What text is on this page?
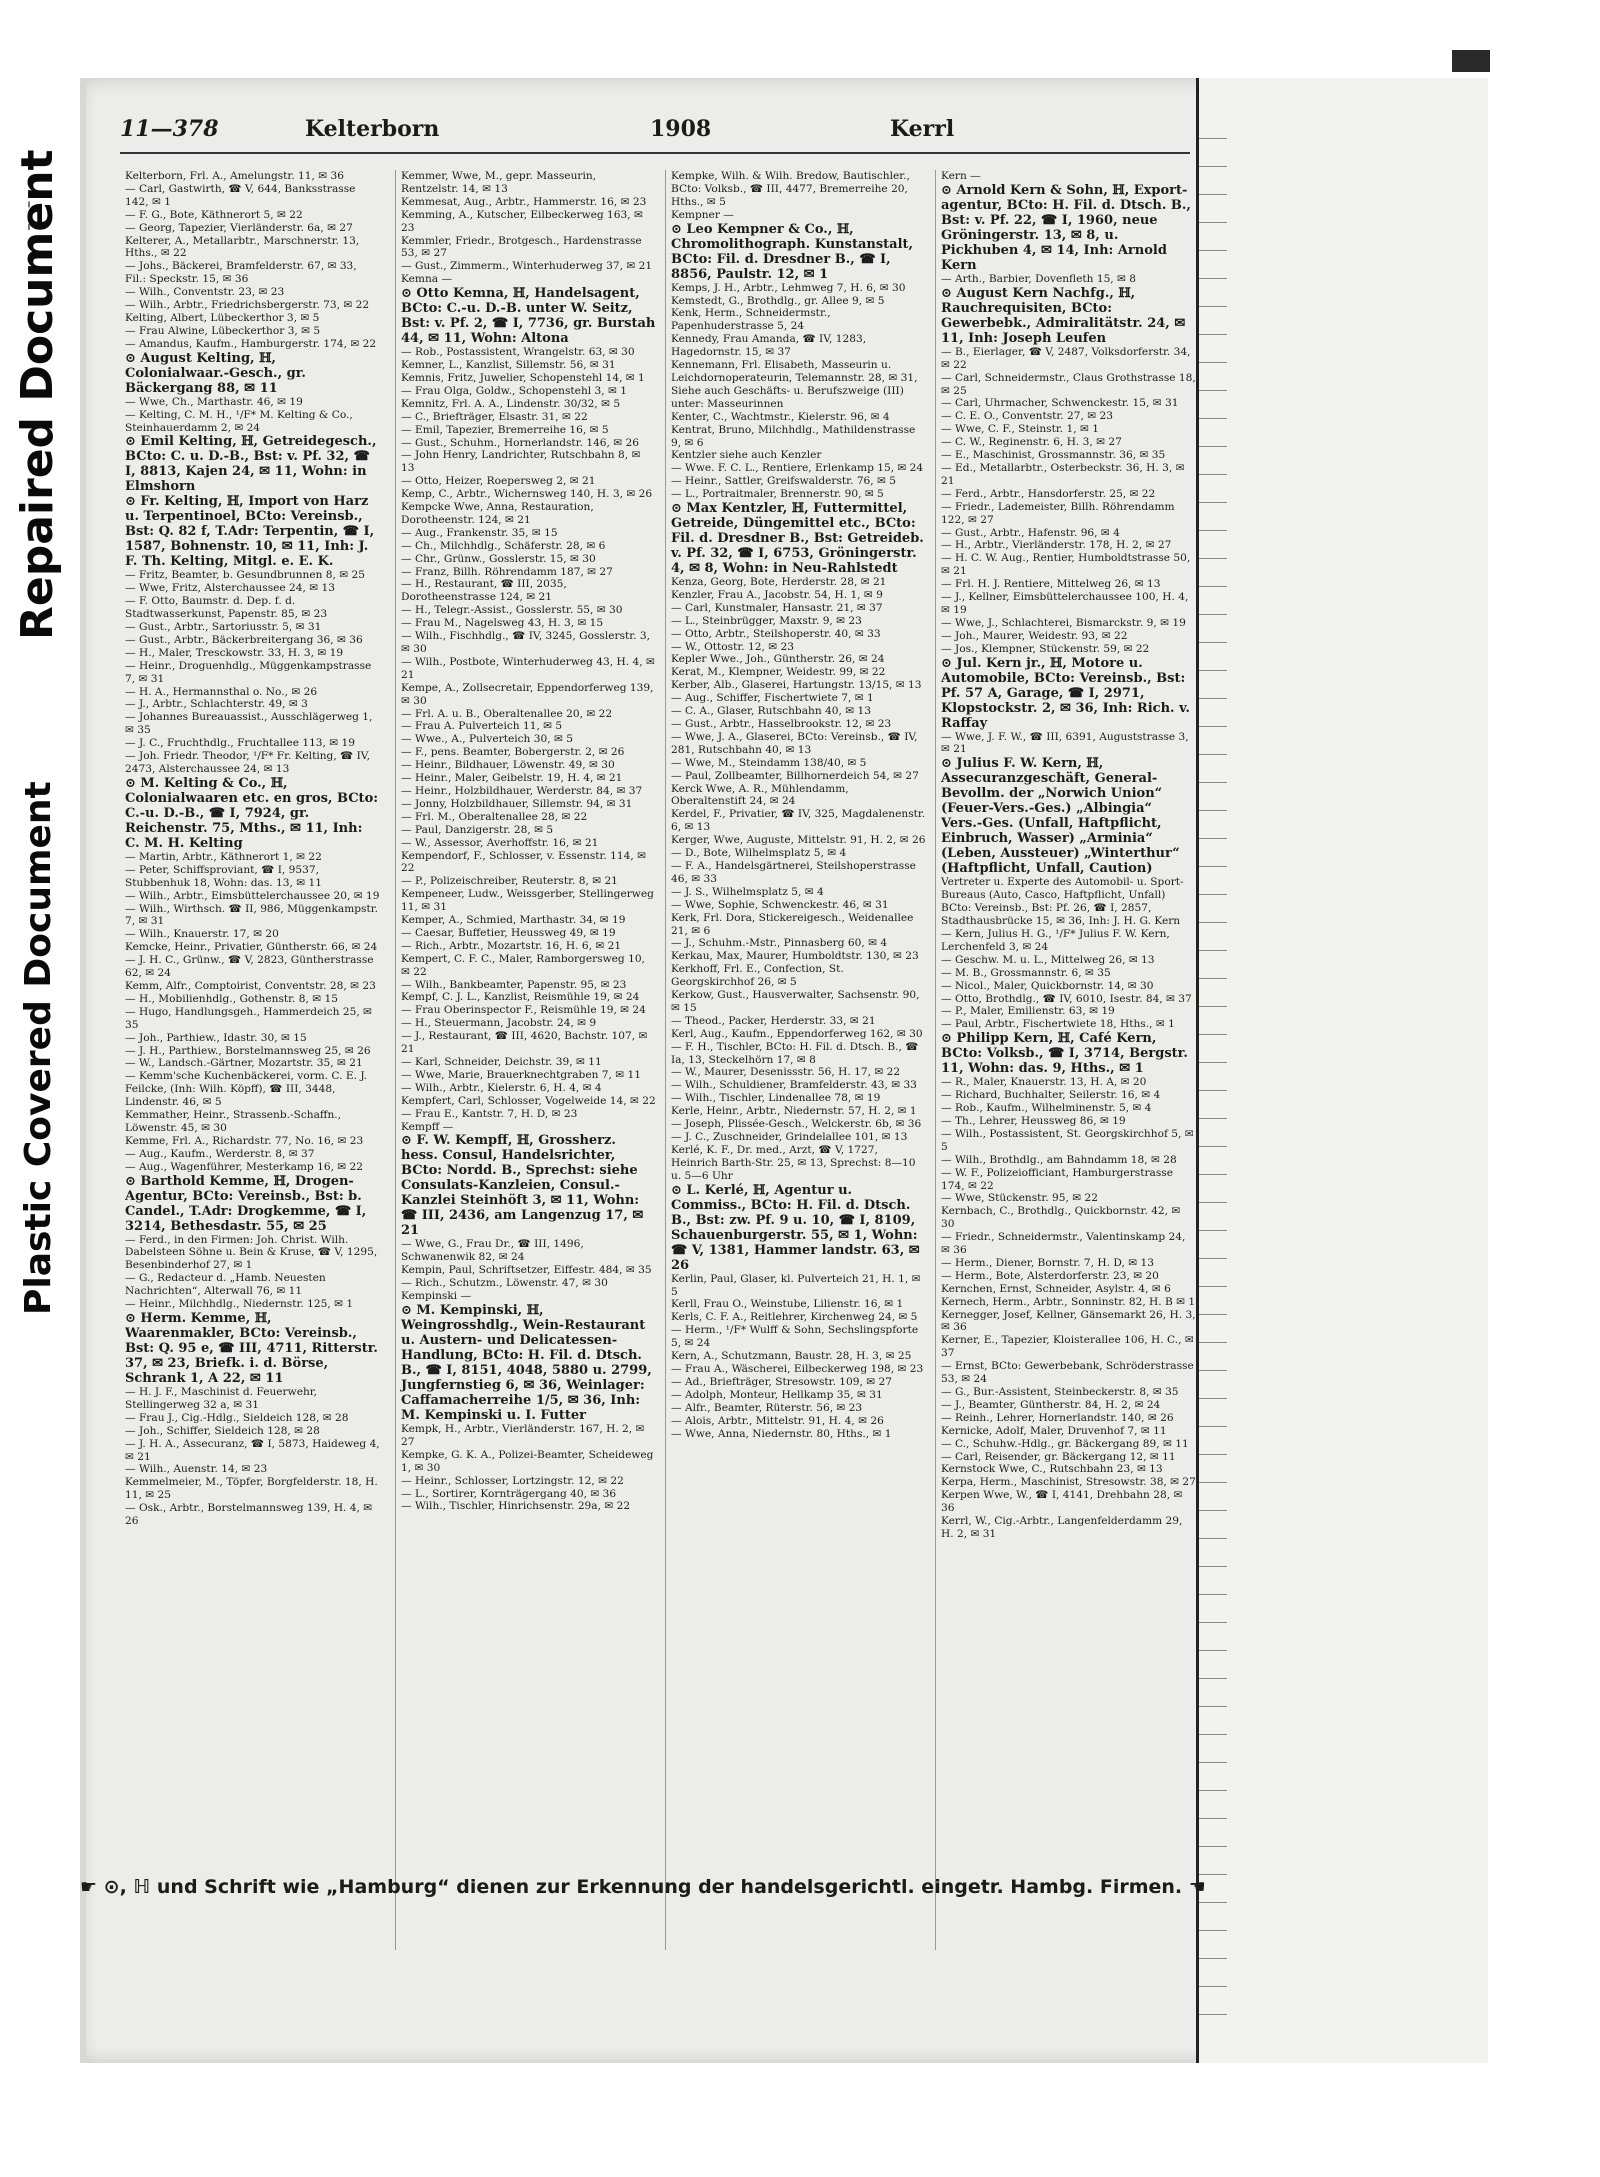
Repaired Document
Plastic Covered Document
11—378	Kelterborn	1908	Kerrl

Kelterborn, Frl. A., Amelungstr. 11, ✉ 36

— Carl, Gastwirth, ☎ V, 644, Banksstrasse 142, ✉ 1

— F. G., Bote, Käthnerort 5, ✉ 22

— Georg, Tapezier, Vierländerstr. 6a, ✉ 27

Kelterer, A., Metallarbtr., Marschnerstr. 13, Hths., ✉ 22

— Johs., Bäckerei, Bramfelderstr. 67, ✉ 33, Fil.: Speckstr. 15, ✉ 36

— Wilh., Conventstr. 23, ✉ 23

— Wilh., Arbtr., Friedrichsbergerstr. 73, ✉ 22

Kelting, Albert, Lübeckerthor 3, ✉ 5

— Frau Alwine, Lübeckerthor 3, ✉ 5

— Amandus, Kaufm., Hamburgerstr. 174, ✉ 22

⊙ August Kelting, ℍ, Colonialwaar.-Gesch., gr. Bäckergang 88, ✉ 11

— Wwe, Ch., Marthastr. 46, ✉ 19

— Kelting, C. M. H., ¹/F* M. Kelting & Co., Steinhauerdamm 2, ✉ 24

⊙ Emil Kelting, ℍ, Getreidegesch., BCto: C. u. D.-B., Bst: v. Pf. 32, ☎ I, 8813, Kajen 24, ✉ 11, Wohn: in Elmshorn

⊙ Fr. Kelting, ℍ, Import von Harz u. Terpentinoel, BCto: Vereinsb., Bst: Q. 82 f, T.Adr: Terpentin, ☎ I, 1587, Bohnenstr. 10, ✉ 11, Inh: J. F. Th. Kelting, Mitgl. e. E. K.

— Fritz, Beamter, b. Gesundbrunnen 8, ✉ 25

— Wwe, Fritz, Alsterchaussee 24, ✉ 13

— F. Otto, Baumstr. d. Dep. f. d. Stadtwasserkunst, Papenstr. 85, ✉ 23

— Gust., Arbtr., Sartoriusstr. 5, ✉ 31

— Gust., Arbtr., Bäckerbreitergang 36, ✉ 36

— H., Maler, Tresckowstr. 33, H. 3, ✉ 19

— Heinr., Droguenhdlg., Müggenkampstrasse 7, ✉ 31

— H. A., Hermannsthal o. No., ✉ 26

— J., Arbtr., Schlachterstr. 49, ✉ 3

— Johannes Bureauassist., Ausschlägerweg 1, ✉ 35

— J. C., Fruchthdlg., Fruchtallee 113, ✉ 19

— Joh. Friedr. Theodor, ¹/F* Fr. Kelting, ☎ IV, 2473, Alsterchaussee 24, ✉ 13

⊙ M. Kelting & Co., ℍ, Colonialwaaren etc. en gros, BCto: C.-u. D.-B., ☎ I, 7924, gr. Reichenstr. 75, Mths., ✉ 11, Inh: C. M. H. Kelting

— Martin, Arbtr., Käthnerort 1, ✉ 22

— Peter, Schiffsproviant, ☎ I, 9537, Stubbenhuk 18, Wohn: das. 13, ✉ 11

— Wilh., Arbtr., Eimsbüttelerchaussee 20, ✉ 19

— Wilh., Wirthsch. ☎ II, 986, Müggenkampstr. 7, ✉ 31

— Wilh., Knauerstr. 17, ✉ 20

Kemcke, Heinr., Privatier, Güntherstr. 66, ✉ 24

— J. H. C., Grünw., ☎ V, 2823, Güntherstrasse 62, ✉ 24

Kemm, Alfr., Comptoirist, Conventstr. 28, ✉ 23

— H., Mobilienhdlg., Gothenstr. 8, ✉ 15

— Hugo, Handlungsgeh., Hammerdeich 25, ✉ 35

— Joh., Parthiew., Idastr. 30, ✉ 15

— J. H., Parthiew., Borstelmannsweg 25, ✉ 26

— W., Landsch.-Gärtner, Mozartstr. 35, ✉ 21

— Kemm'sche Kuchenbäckerei, vorm. C. E. J. Feilcke, (Inh: Wilh. Köpff), ☎ III, 3448, Lindenstr. 46, ✉ 5

Kemmather, Heinr., Strassenb.-Schaffn., Löwenstr. 45, ✉ 30

Kemme, Frl. A., Richardstr. 77, No. 16, ✉ 23

— Aug., Kaufm., Werderstr. 8, ✉ 37

— Aug., Wagenführer, Mesterkamp 16, ✉ 22

⊙ Barthold Kemme, ℍ, Drogen-Agentur, BCto: Vereinsb., Bst: b. Candel., T.Adr: Drogkemme, ☎ I, 3214, Bethesdastr. 55, ✉ 25

— Ferd., in den Firmen: Joh. Christ. Wilh. Dabelsteen Söhne u. Bein & Kruse, ☎ V, 1295, Besenbinderhof 27, ✉ 1

— G., Redacteur d. „Hamb. Neuesten Nachrichten“, Alterwall 76, ✉ 11

— Heinr., Milchhdlg., Niedernstr. 125, ✉ 1

⊙ Herm. Kemme, ℍ, Waarenmakler, BCto: Vereinsb., Bst: Q. 95 e, ☎ III, 4711, Ritterstr. 37, ✉ 23, Briefk. i. d. Börse, Schrank 1, A 22, ✉ 11

— H. J. F., Maschinist d. Feuerwehr, Stellingerweg 32 a, ✉ 31

— Frau J., Cig.-Hdlg., Sieldeich 128, ✉ 28

— Joh., Schiffer, Sieldeich 128, ✉ 28

— J. H. A., Assecuranz, ☎ I, 5873, Haideweg 4, ✉ 21

— Wilh., Auenstr. 14, ✉ 23

Kemmelmeier, M., Töpfer, Borgfelderstr. 18, H. 11, ✉ 25

— Osk., Arbtr., Borstelmannsweg 139, H. 4, ✉ 26

Kemmer, Wwe, M., gepr. Masseurin, Rentzelstr. 14, ✉ 13

Kemmesat, Aug., Arbtr., Hammerstr. 16, ✉ 23

Kemming, A., Kutscher, Eilbeckerweg 163, ✉ 23

Kemmler, Friedr., Brotgesch., Hardenstrasse 53, ✉ 27

— Gust., Zimmerm., Winterhuderweg 37, ✉ 21

Kemna —

⊙ Otto Kemna, ℍ, Handelsagent, BCto: C.-u. D.-B. unter W. Seitz, Bst: v. Pf. 2, ☎ I, 7736, gr. Burstah 44, ✉ 11, Wohn: Altona

— Rob., Postassistent, Wrangelstr. 63, ✉ 30

Kemner, L., Kanzlist, Sillemstr. 56, ✉ 31

Kemnis, Fritz, Juwelier, Schopenstehl 14, ✉ 1

— Frau Olga, Goldw., Schopenstehl 3, ✉ 1

Kemnitz, Frl. A. A., Lindenstr. 30/32, ✉ 5

— C., Briefträger, Elsastr. 31, ✉ 22

— Emil, Tapezier, Bremerreihe 16, ✉ 5

— Gust., Schuhm., Hornerlandstr. 146, ✉ 26

— John Henry, Landrichter, Rutschbahn 8, ✉ 13

— Otto, Heizer, Roepersweg 2, ✉ 21

Kemp, C., Arbtr., Wichernsweg 140, H. 3, ✉ 26

Kempcke Wwe, Anna, Restauration, Dorotheenstr. 124, ✉ 21

— Aug., Frankenstr. 35, ✉ 15

— Ch., Milchhdlg., Schäferstr. 28, ✉ 6

— Chr., Grünw., Gosslerstr. 15, ✉ 30

— Franz, Billh. Röhrendamm 187, ✉ 27

— H., Restaurant, ☎ III, 2035, Dorotheenstrasse 124, ✉ 21

— H., Telegr.-Assist., Gosslerstr. 55, ✉ 30

— Frau M., Nagelsweg 43, H. 3, ✉ 15

— Wilh., Fischhdlg., ☎ IV, 3245, Gosslerstr. 3, ✉ 30

— Wilh., Postbote, Winterhuderweg 43, H. 4, ✉ 21

Kempe, A., Zollsecretair, Eppendorferweg 139, ✉ 30

— Frl. A. u. B., Oberaltenallee 20, ✉ 22

— Frau A. Pulverteich 11, ✉ 5

— Wwe., A., Pulverteich 30, ✉ 5

— F., pens. Beamter, Bobergerstr. 2, ✉ 26

— Heinr., Bildhauer, Löwenstr. 49, ✉ 30

— Heinr., Maler, Geibelstr. 19, H. 4, ✉ 21

— Heinr., Holzbildhauer, Werderstr. 84, ✉ 37

— Jonny, Holzbildhauer, Sillemstr. 94, ✉ 31

— Frl. M., Oberaltenallee 28, ✉ 22

— Paul, Danzigerstr. 28, ✉ 5

— W., Assessor, Averhoffstr. 16, ✉ 21

Kempendorf, F., Schlosser, v. Essenstr. 114, ✉ 22

— P., Polizeischreiber, Reuterstr. 8, ✉ 21

Kempeneer, Ludw., Weissgerber, Stellingerweg 11, ✉ 31

Kemper, A., Schmied, Marthastr. 34, ✉ 19

— Caesar, Buffetier, Heussweg 49, ✉ 19

— Rich., Arbtr., Mozartstr. 16, H. 6, ✉ 21

Kempert, C. F. C., Maler, Ramborgersweg 10, ✉ 22

— Wilh., Bankbeamter, Papenstr. 95, ✉ 23

Kempf, C. J. L., Kanzlist, Reismühle 19, ✉ 24

— Frau Oberinspector F., Reismühle 19, ✉ 24

— H., Steuermann, Jacobstr. 24, ✉ 9

— J., Restaurant, ☎ III, 4620, Bachstr. 107, ✉ 21

— Karl, Schneider, Deichstr. 39, ✉ 11

— Wwe, Marie, Brauerknechtgraben 7, ✉ 11

— Wilh., Arbtr., Kielerstr. 6, H. 4, ✉ 4

Kempfert, Carl, Schlosser, Vogelweide 14, ✉ 22

— Frau E., Kantstr. 7, H. D, ✉ 23

Kempff —

⊙ F. W. Kempff, ℍ, Grossherz. hess. Consul, Handelsrichter, BCto: Nordd. B., Sprechst: siehe Consulats-Kanzleien, Consul.-Kanzlei Steinhöft 3, ✉ 11, Wohn: ☎ III, 2436, am Langenzug 17, ✉ 21

— Wwe, G., Frau Dr., ☎ III, 1496, Schwanenwik 82, ✉ 24

Kempin, Paul, Schriftsetzer, Eiffestr. 484, ✉ 35

— Rich., Schutzm., Löwenstr. 47, ✉ 30

Kempinski —

⊙ M. Kempinski, ℍ, Weingrosshdlg., Wein-Restaurant u. Austern- und Delicatessen-Handlung, BCto: H. Fil. d. Dtsch. B., ☎ I, 8151, 4048, 5880 u. 2799, Jungfernstieg 6, ✉ 36, Weinlager: Caffamacherreihe 1/5, ✉ 36, Inh: M. Kempinski u. I. Futter

Kempk, H., Arbtr., Vierländerstr. 167, H. 2, ✉ 27

Kempke, G. K. A., Polizei-Beamter, Scheideweg 1, ✉ 30

— Heinr., Schlosser, Lortzingstr. 12, ✉ 22

— L., Sortirer, Kornträgergang 40, ✉ 36

— Wilh., Tischler, Hinrichsenstr. 29a, ✉ 22

Kempke, Wilh. & Wilh. Bredow, Bautischler., BCto: Volksb., ☎ III, 4477, Bremerreihe 20, Hths., ✉ 5

Kempner —

⊙ Leo Kempner & Co., ℍ, Chromolithograph. Kunstanstalt, BCto: Fil. d. Dresdner B., ☎ I, 8856, Paulstr. 12, ✉ 1

Kemps, J. H., Arbtr., Lehmweg 7, H. 6, ✉ 30

Kemstedt, G., Brothdlg., gr. Allee 9, ✉ 5

Kenk, Herm., Schneidermstr., Papenhuderstrasse 5, 24

Kennedy, Frau Amanda, ☎ IV, 1283, Hagedornstr. 15, ✉ 37

Kennemann, Frl. Elisabeth, Masseurin u. Leichdornoperateurin, Telemannstr. 28, ✉ 31, Siehe auch Geschäfts- u. Berufszweige (III) unter: Masseurinnen

Kenter, C., Wachtmstr., Kielerstr. 96, ✉ 4

Kentrat, Bruno, Milchhdlg., Mathildenstrasse 9, ✉ 6

Kentzler siehe auch Kenzler

— Wwe. F. C. L., Rentiere, Erlenkamp 15, ✉ 24

— Heinr., Sattler, Greifswalderstr. 76, ✉ 5

— L., Portraitmaler, Brennerstr. 90, ✉ 5

⊙ Max Kentzler, ℍ, Futtermittel, Getreide, Düngemittel etc., BCto: Fil. d. Dresdner B., Bst: Getreideb. v. Pf. 32, ☎ I, 6753, Gröningerstr. 4, ✉ 8, Wohn: in Neu-Rahlstedt

Kenza, Georg, Bote, Herderstr. 28, ✉ 21

Kenzler, Frau A., Jacobstr. 54, H. 1, ✉ 9

— Carl, Kunstmaler, Hansastr. 21, ✉ 37

— L., Steinbrügger, Maxstr. 9, ✉ 23

— Otto, Arbtr., Steilshoperstr. 40, ✉ 33

— W., Ottostr. 12, ✉ 23

Kepler Wwe., Joh., Güntherstr. 26, ✉ 24

Kerat, M., Klempner, Weidestr. 99, ✉ 22

Kerber, Alb., Glaserei, Hartungstr. 13/15, ✉ 13

— Aug., Schiffer, Fischertwiete 7, ✉ 1

— C. A., Glaser, Rutschbahn 40, ✉ 13

— Gust., Arbtr., Hasselbrookstr. 12, ✉ 23

— Wwe, J. A., Glaserei, BCto: Vereinsb., ☎ IV, 281, Rutschbahn 40, ✉ 13

— Wwe, M., Steindamm 138/40, ✉ 5

— Paul, Zollbeamter, Billhornerdeich 54, ✉ 27

Kerck Wwe, A. R., Mühlendamm, Oberaltenstift 24, ✉ 24

Kerdel, F., Privatier, ☎ IV, 325, Magdalenenstr. 6, ✉ 13

Kerger, Wwe, Auguste, Mittelstr. 91, H. 2, ✉ 26

— D., Bote, Wilhelmsplatz 5, ✉ 4

— F. A., Handelsgärtnerei, Steilshoperstrasse 46, ✉ 33

— J. S., Wilhelmsplatz 5, ✉ 4

— Wwe, Sophie, Schwenckestr. 46, ✉ 31

Kerk, Frl. Dora, Stickereigesch., Weidenallee 21, ✉ 6

— J., Schuhm.-Mstr., Pinnasberg 60, ✉ 4

Kerkau, Max, Maurer, Humboldtstr. 130, ✉ 23

Kerkhoff, Frl. E., Confection, St. Georgskirchhof 26, ✉ 5

Kerkow, Gust., Hausverwalter, Sachsenstr. 90, ✉ 15

— Theod., Packer, Herderstr. 33, ✉ 21

Kerl, Aug., Kaufm., Eppendorferweg 162, ✉ 30

— F. H., Tischler, BCto: H. Fil. d. Dtsch. B., ☎ Ia, 13, Steckelhörn 17, ✉ 8

— W., Maurer, Desenissstr. 56, H. 17, ✉ 22

— Wilh., Schuldiener, Bramfelderstr. 43, ✉ 33

— Wilh., Tischler, Lindenallee 78, ✉ 19

Kerle, Heinr., Arbtr., Niedernstr. 57, H. 2, ✉ 1

— Joseph, Plissée-Gesch., Welckerstr. 6b, ✉ 36

— J. C., Zuschneider, Grindelallee 101, ✉ 13

Kerlé, K. F., Dr. med., Arzt, ☎ V, 1727, Heinrich Barth-Str. 25, ✉ 13, Sprechst: 8—10 u. 5—6 Uhr

⊙ L. Kerlé, ℍ, Agentur u. Commiss., BCto: H. Fil. d. Dtsch. B., Bst: zw. Pf. 9 u. 10, ☎ I, 8109, Schauenburgerstr. 55, ✉ 1, Wohn: ☎ V, 1381, Hammer landstr. 63, ✉ 26

Kerlin, Paul, Glaser, kl. Pulverteich 21, H. 1, ✉ 5

Kerll, Frau O., Weinstube, Lilienstr. 16, ✉ 1

Kerls, C. F. A., Reitlehrer, Kirchenweg 24, ✉ 5

— Herm., ¹/F* Wulff & Sohn, Sechslingspforte 5, ✉ 24

Kern, A., Schutzmann, Baustr. 28, H. 3, ✉ 25

— Frau A., Wäscherei, Eilbeckerweg 198, ✉ 23

— Ad., Briefträger, Stresowstr. 109, ✉ 27

— Adolph, Monteur, Hellkamp 35, ✉ 31

— Alfr., Beamter, Rüterstr. 56, ✉ 23

— Alois, Arbtr., Mittelstr. 91, H. 4, ✉ 26

— Wwe, Anna, Niedernstr. 80, Hths., ✉ 1

Kern —

⊙ Arnold Kern & Sohn, ℍ, Export-agentur, BCto: H. Fil. d. Dtsch. B., Bst: v. Pf. 22, ☎ I, 1960, neue Gröningerstr. 13, ✉ 8, u. Pickhuben 4, ✉ 14, Inh: Arnold Kern

— Arth., Barbier, Dovenfleth 15, ✉ 8

⊙ August Kern Nachfg., ℍ, Rauchrequisiten, BCto: Gewerbebk., Admiralitätstr. 24, ✉ 11, Inh: Joseph Leufen

— B., Eierlager, ☎ V, 2487, Volksdorferstr. 34, ✉ 22

— Carl, Schneidermstr., Claus Grothstrasse 18, ✉ 25

— Carl, Uhrmacher, Schwenckestr. 15, ✉ 31

— C. E. O., Conventstr. 27, ✉ 23

— Wwe, C. F., Steinstr. 1, ✉ 1

— C. W., Reginenstr. 6, H. 3, ✉ 27

— E., Maschinist, Grossmannstr. 36, ✉ 35

— Ed., Metallarbtr., Osterbeckstr. 36, H. 3, ✉ 21

— Ferd., Arbtr., Hansdorferstr. 25, ✉ 22

— Friedr., Lademeister, Billh. Röhrendamm 122, ✉ 27

— Gust., Arbtr., Hafenstr. 96, ✉ 4

— H., Arbtr., Vierländerstr. 178, H. 2, ✉ 27

— H. C. W. Aug., Rentier, Humboldtstrasse 50, ✉ 21

— Frl. H. J. Rentiere, Mittelweg 26, ✉ 13

— J., Kellner, Eimsbüttelerchaussee 100, H. 4, ✉ 19

— Wwe, J., Schlachterei, Bismarckstr. 9, ✉ 19

— Joh., Maurer, Weidestr. 93, ✉ 22

— Jos., Klempner, Stückenstr. 59, ✉ 22

⊙ Jul. Kern jr., ℍ, Motore u. Automobile, BCto: Vereinsb., Bst: Pf. 57 A, Garage, ☎ I, 2971, Klopstockstr. 2, ✉ 36, Inh: Rich. v. Raffay

— Wwe, J. F. W., ☎ III, 6391, Auguststrasse 3, ✉ 21

⊙ Julius F. W. Kern, ℍ, Assecuranzgeschäft, General-Bevollm. der „Norwich Union“ (Feuer-Vers.-Ges.) „Albingia“ Vers.-Ges. (Unfall, Haftpflicht, Einbruch, Wasser) „Arminia“ (Leben, Aussteuer) „Winterthur“ (Haftpflicht, Unfall, Caution)

Vertreter u. Experte des Automobil- u. Sport-Bureaus (Auto, Casco, Haftpflicht, Unfall)

BCto: Vereinsb., Bst: Pf. 26, ☎ I, 2857, Stadthausbrücke 15, ✉ 36, Inh: J. H. G. Kern

— Kern, Julius H. G., ¹/F* Julius F. W. Kern, Lerchenfeld 3, ✉ 24

— Geschw. M. u. L., Mittelweg 26, ✉ 13

— M. B., Grossmannstr. 6, ✉ 35

— Nicol., Maler, Quickbornstr. 14, ✉ 30

— Otto, Brothdlg., ☎ IV, 6010, Isestr. 84, ✉ 37

— P., Maler, Emilienstr. 63, ✉ 19

— Paul, Arbtr., Fischertwiete 18, Hths., ✉ 1

⊙ Philipp Kern, ℍ, Café Kern, BCto: Volksb., ☎ I, 3714, Bergstr. 11, Wohn: das. 9, Hths., ✉ 1

— R., Maler, Knauerstr. 13, H. A, ✉ 20

— Richard, Buchhalter, Seilerstr. 16, ✉ 4

— Rob., Kaufm., Wilhelminenstr. 5, ✉ 4

— Th., Lehrer, Heussweg 86, ✉ 19

— Wilh., Postassistent, St. Georgskirchhof 5, ✉ 5

— Wilh., Brothdlg., am Bahndamm 18, ✉ 28

— W. F., Polizeiofficiant, Hamburgerstrasse 174, ✉ 22

— Wwe, Stückenstr. 95, ✉ 22

Kernbach, C., Brothdlg., Quickbornstr. 42, ✉ 30

— Friedr., Schneidermstr., Valentinskamp 24, ✉ 36

— Herm., Diener, Bornstr. 7, H. D, ✉ 13

— Herm., Bote, Alsterdorferstr. 23, ✉ 20

Kernchen, Ernst, Schneider, Asylstr. 4, ✉ 6

Kernech, Herm., Arbtr., Sonninstr. 82, H. B ✉ 1

Kernegger, Josef, Kellner, Gänsemarkt 26, H. 3, ✉ 36

Kerner, E., Tapezier, Kloisterallee 106, H. C., ✉ 37

— Ernst, BCto: Gewerbebank, Schröderstrasse 53, ✉ 24

— G., Bur.-Assistent, Steinbeckerstr. 8, ✉ 35

— J., Beamter, Güntherstr. 84, H. 2, ✉ 24

— Reinh., Lehrer, Hornerlandstr. 140, ✉ 26

Kernicke, Adolf, Maler, Druvenhof 7, ✉ 11

— C., Schuhw.-Hdlg., gr. Bäckergang 89, ✉ 11

— Carl, Reisender, gr. Bäckergang 12, ✉ 11

Kernstock Wwe, C., Rutschbahn 23, ✉ 13

Kerpa, Herm., Maschinist, Stresowstr. 38, ✉ 27

Kerpen Wwe, W., ☎ I, 4141, Drehbahn 28, ✉ 36

Kerrl, W., Cig.-Arbtr., Langenfelderdamm 29, H. 2, ✉ 31

☛ ⊙, ℍ und Schrift wie „Hamburg“ dienen zur Erkennung der handelsgerichtl. eingetr. Hambg. Firmen. ☚
